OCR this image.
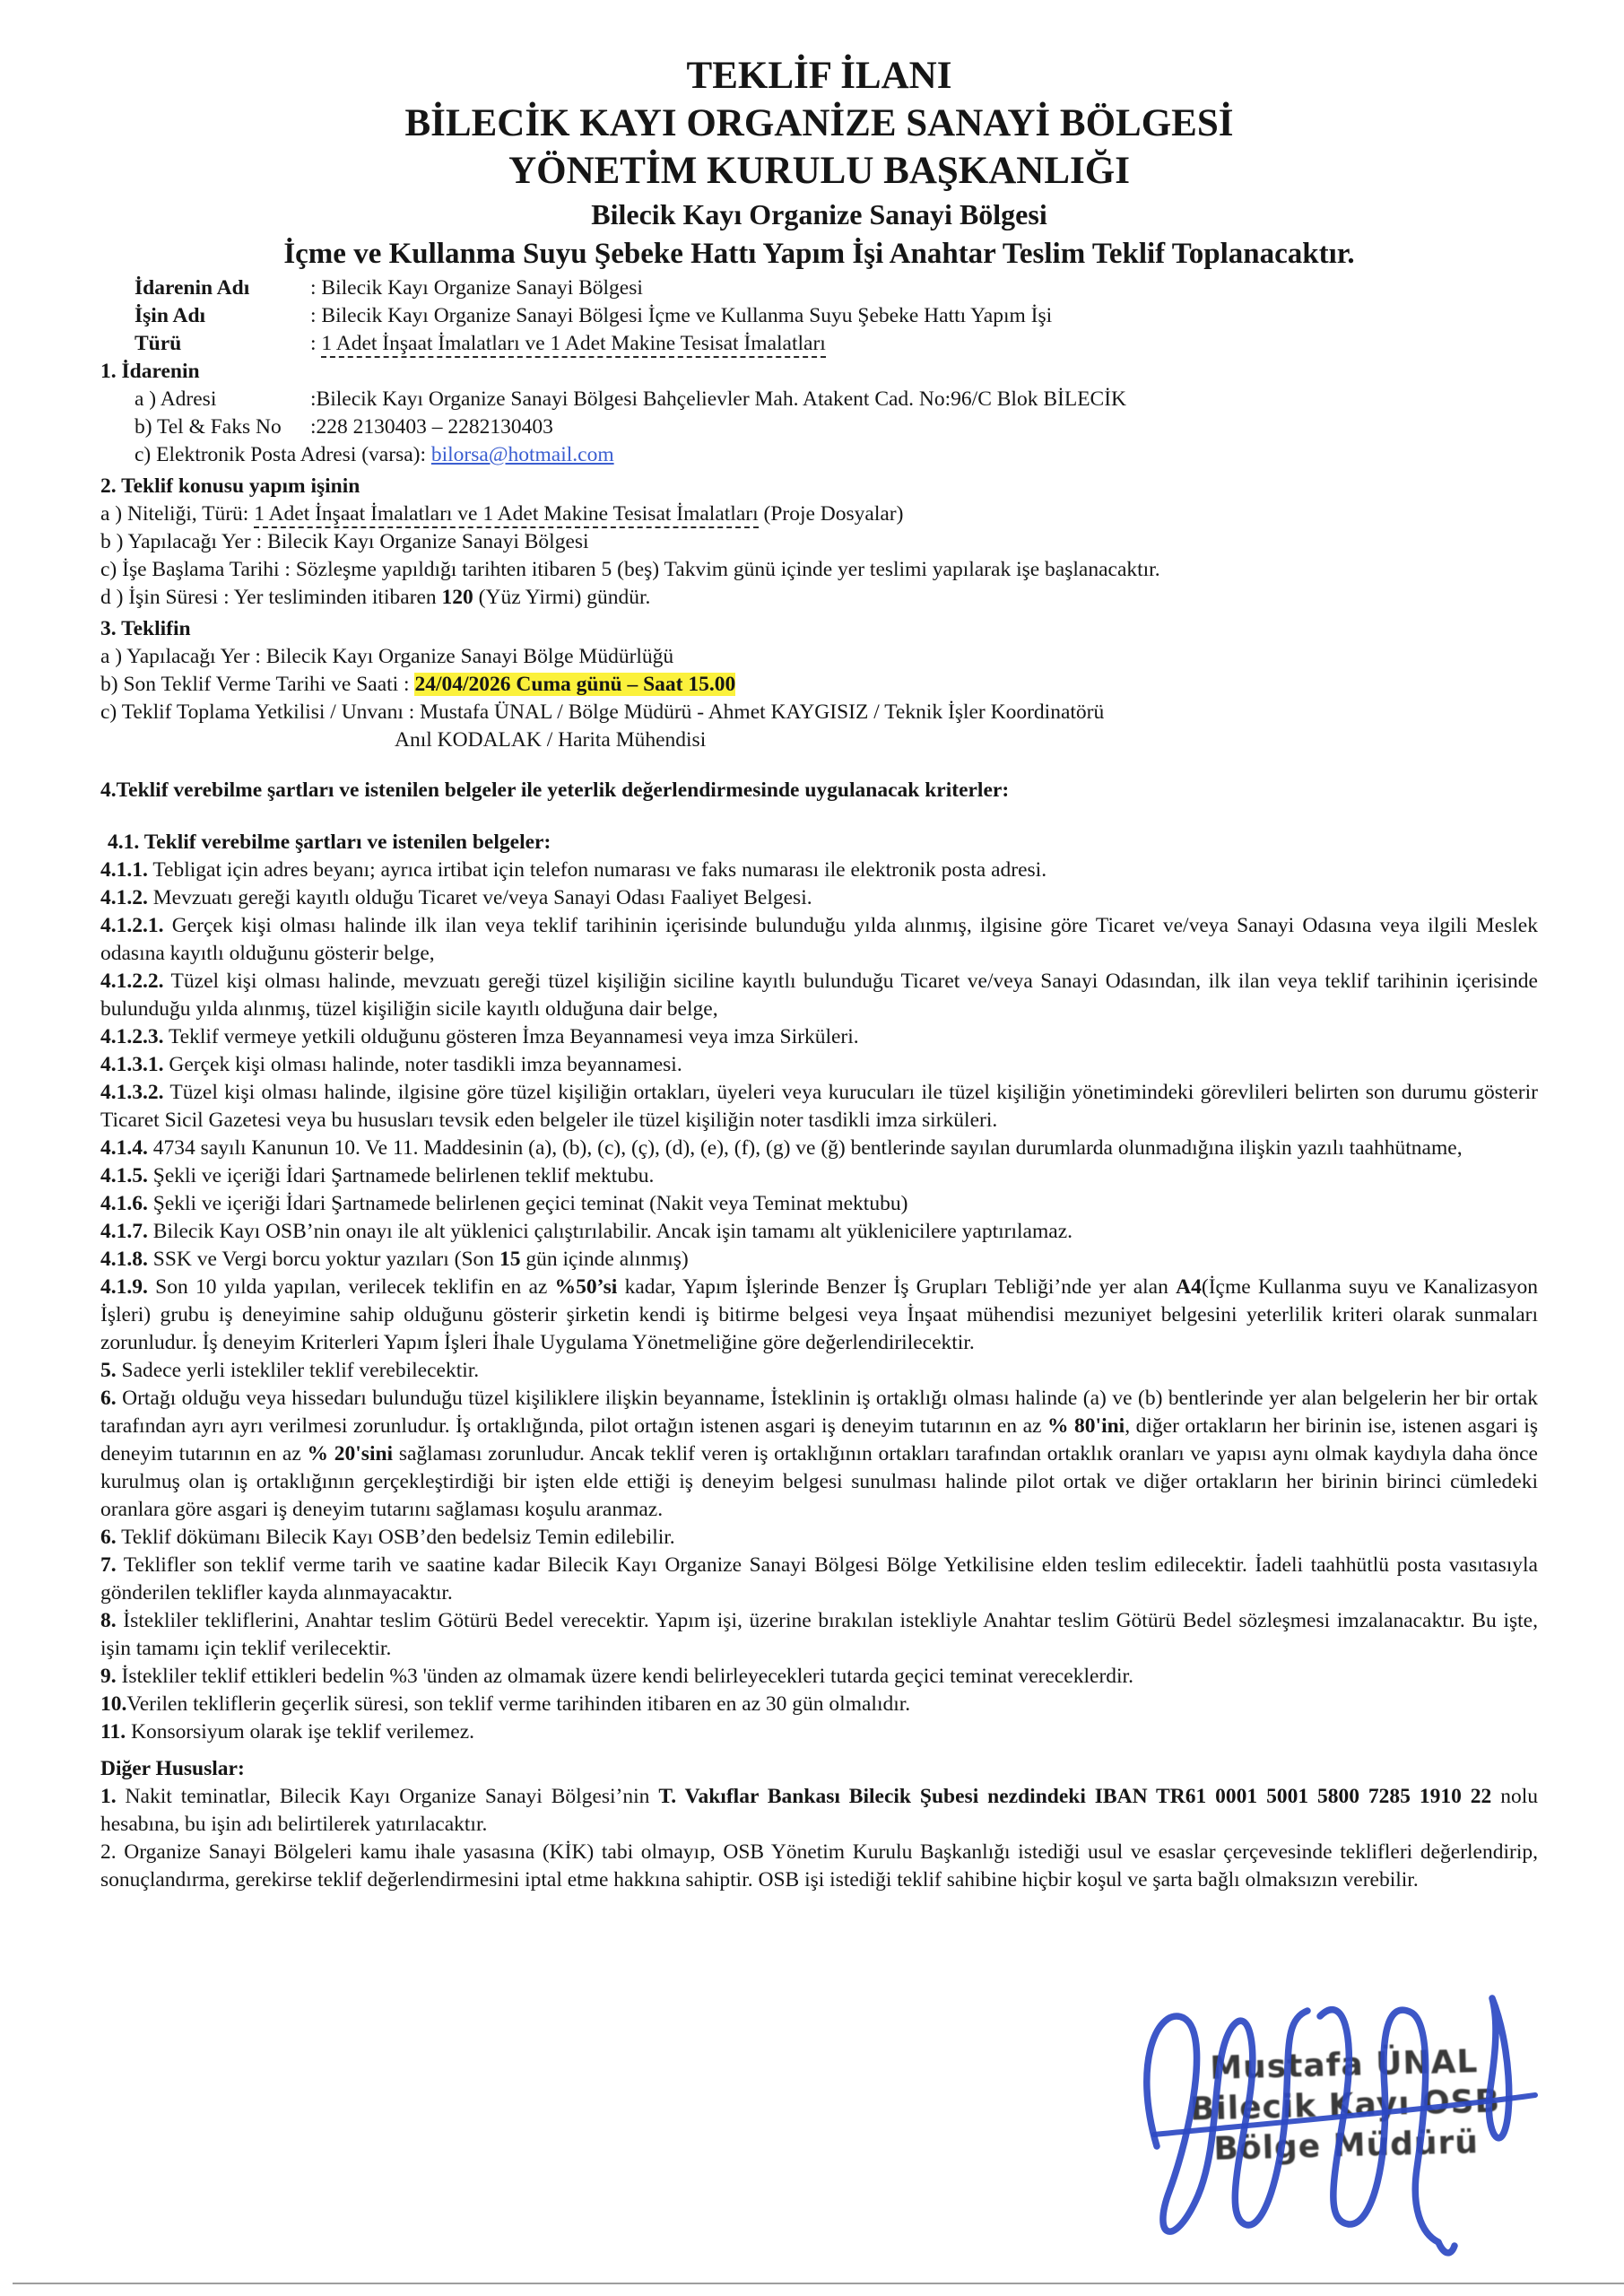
TEKLİF İLANI

BİLECİK KAYI ORGANİZE SANAYİ BÖLGESİ

YÖNETİM KURULU BAŞKANLIĞI

Bilecik Kayı Organize Sanayi Bölgesi

İçme ve Kullanma Suyu Şebeke Hattı Yapım İşi Anahtar Teslim Teklif Toplanacaktır.

İdarenin Adı	: Bilecik Kayı Organize Sanayi Bölgesi

İşin Adı	: Bilecik Kayı Organize Sanayi Bölgesi İçme ve Kullanma Suyu Şebeke Hattı Yapım İşi

Türü	: 1 Adet İnşaat İmalatları ve 1 Adet Makine Tesisat İmalatları

1. İdarenin

a ) Adresi	:Bilecik Kayı Organize Sanayi Bölgesi Bahçelievler Mah. Atakent Cad. No:96/C Blok BİLECİK

b) Tel & Faks No	:228 2130403 – 2282130403

c) Elektronik Posta Adresi (varsa): bilorsa@hotmail.com

2. Teklif konusu yapım işinin

a ) Niteliği, Türü: 1 Adet İnşaat İmalatları ve 1 Adet Makine Tesisat İmalatları (Proje Dosyalar)

b ) Yapılacağı Yer : Bilecik Kayı Organize Sanayi Bölgesi

c) İşe Başlama Tarihi : Sözleşme yapıldığı tarihten itibaren 5 (beş) Takvim günü içinde yer teslimi yapılarak işe başlanacaktır.

d ) İşin Süresi : Yer tesliminden itibaren 120 (Yüz Yirmi) gündür.

3. Teklifin

a ) Yapılacağı Yer : Bilecik Kayı Organize Sanayi Bölge Müdürlüğü

b) Son Teklif Verme Tarihi ve Saati : 24/04/2026 Cuma günü – Saat 15.00

c) Teklif Toplama Yetkilisi / Unvanı : Mustafa ÜNAL / Bölge Müdürü - Ahmet KAYGISIZ / Teknik İşler Koordinatörü

Anıl KODALAK / Harita Mühendisi

4.Teklif verebilme şartları ve istenilen belgeler ile yeterlik değerlendirmesinde uygulanacak kriterler:

4.1. Teklif verebilme şartları ve istenilen belgeler:

4.1.1. Tebligat için adres beyanı; ayrıca irtibat için telefon numarası ve faks numarası ile elektronik posta adresi.

4.1.2. Mevzuatı gereği kayıtlı olduğu Ticaret ve/veya Sanayi Odası Faaliyet Belgesi.

4.1.2.1. Gerçek kişi olması halinde ilk ilan veya teklif tarihinin içerisinde bulunduğu yılda alınmış, ilgisine göre Ticaret ve/veya Sanayi Odasına veya ilgili Meslek odasına kayıtlı olduğunu gösterir belge,

4.1.2.2. Tüzel kişi olması halinde, mevzuatı gereği tüzel kişiliğin siciline kayıtlı bulunduğu Ticaret ve/veya Sanayi Odasından, ilk ilan veya teklif tarihinin içerisinde bulunduğu yılda alınmış, tüzel kişiliğin sicile kayıtlı olduğuna dair belge,

4.1.2.3. Teklif vermeye yetkili olduğunu gösteren İmza Beyannamesi veya imza Sirküleri.

4.1.3.1. Gerçek kişi olması halinde, noter tasdikli imza beyannamesi.

4.1.3.2. Tüzel kişi olması halinde, ilgisine göre tüzel kişiliğin ortakları, üyeleri veya kurucuları ile tüzel kişiliğin yönetimindeki görevlileri belirten son durumu gösterir Ticaret Sicil Gazetesi veya bu hususları tevsik eden belgeler ile tüzel kişiliğin noter tasdikli imza sirküleri.

4.1.4. 4734 sayılı Kanunun 10. Ve 11. Maddesinin (a), (b), (c), (ç), (d), (e), (f), (g) ve (ğ) bentlerinde sayılan durumlarda olunmadığına ilişkin yazılı taahhütname,

4.1.5. Şekli ve içeriği İdari Şartnamede belirlenen teklif mektubu.

4.1.6. Şekli ve içeriği İdari Şartnamede belirlenen geçici teminat (Nakit veya Teminat mektubu)

4.1.7. Bilecik Kayı OSB’nin onayı ile alt yüklenici çalıştırılabilir. Ancak işin tamamı alt yüklenicilere yaptırılamaz.

4.1.8. SSK ve Vergi borcu yoktur yazıları (Son 15 gün içinde alınmış)

4.1.9. Son 10 yılda yapılan, verilecek teklifin en az %50’si kadar, Yapım İşlerinde Benzer İş Grupları Tebliği’nde yer alan A4(İçme Kullanma suyu ve Kanalizasyon İşleri) grubu iş deneyimine sahip olduğunu gösterir şirketin kendi iş bitirme belgesi veya İnşaat mühendisi mezuniyet belgesini yeterlilik kriteri olarak sunmaları zorunludur. İş deneyim Kriterleri Yapım İşleri İhale Uygulama Yönetmeliğine göre değerlendirilecektir.

5. Sadece yerli istekliler teklif verebilecektir.

6. Ortağı olduğu veya hissedarı bulunduğu tüzel kişiliklere ilişkin beyanname, İsteklinin iş ortaklığı olması halinde (a) ve (b) bentlerinde yer alan belgelerin her bir ortak tarafından ayrı ayrı verilmesi zorunludur. İş ortaklığında, pilot ortağın istenen asgari iş deneyim tutarının en az % 80'ini, diğer ortakların her birinin ise, istenen asgari iş deneyim tutarının en az % 20'sini sağlaması zorunludur. Ancak teklif veren iş ortaklığının ortakları tarafından ortaklık oranları ve yapısı aynı olmak kaydıyla daha önce kurulmuş olan iş ortaklığının gerçekleştirdiği bir işten elde ettiği iş deneyim belgesi sunulması halinde pilot ortak ve diğer ortakların her birinin birinci cümledeki oranlara göre asgari iş deneyim tutarını sağlaması koşulu aranmaz.

6. Teklif dökümanı Bilecik Kayı OSB’den bedelsiz Temin edilebilir.

7. Teklifler son teklif verme tarih ve saatine kadar Bilecik Kayı Organize Sanayi Bölgesi Bölge Yetkilisine elden teslim edilecektir. İadeli taahhütlü posta vasıtasıyla gönderilen teklifler kayda alınmayacaktır.

8. İstekliler tekliflerini, Anahtar teslim Götürü Bedel verecektir. Yapım işi, üzerine bırakılan istekliyle Anahtar teslim Götürü Bedel sözleşmesi imzalanacaktır. Bu işte, işin tamamı için teklif verilecektir.

9. İstekliler teklif ettikleri bedelin %3 'ünden az olmamak üzere kendi belirleyecekleri tutarda geçici teminat vereceklerdir.

10.Verilen tekliflerin geçerlik süresi, son teklif verme tarihinden itibaren en az 30 gün olmalıdır.

11. Konsorsiyum olarak işe teklif verilemez.

Diğer Hususlar:

1. Nakit teminatlar, Bilecik Kayı Organize Sanayi Bölgesi’nin T. Vakıflar Bankası Bilecik Şubesi nezdindeki IBAN TR61 0001 5001 5800 7285 1910 22 nolu hesabına, bu işin adı belirtilerek yatırılacaktır.

2. Organize Sanayi Bölgeleri kamu ihale yasasına (KİK) tabi olmayıp, OSB Yönetim Kurulu Başkanlığı istediği usul ve esaslar çerçevesinde teklifleri değerlendirip, sonuçlandırma, gerekirse teklif değerlendirmesini iptal etme hakkına sahiptir. OSB işi istediği teklif sahibine hiçbir koşul ve şarta bağlı olmaksızın verebilir.

Mustafa ÜNAL

Bilecik Kayı OSB

Bölge Müdürü
